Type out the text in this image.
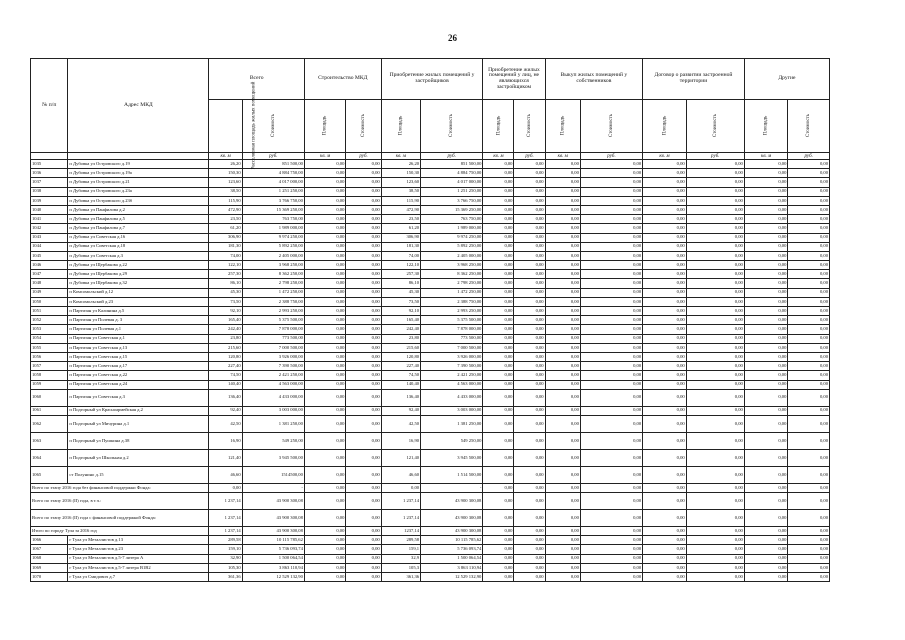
26
№ п/п	Адрес МКД	Всего		Строительство МКД		Приобретение жилых помещений у застройщиков		Приобретение жилых помещений у лиц, не являющихся застройщиком		Выкуп жилых помещений у собственников		Договор о развитии застроенной территории		Другие	
		Расселяемая площадь жилых помещений	Стоимость	Площадь	Стоимость	Площадь	Стоимость	Площадь	Стоимость	Площадь	Стоимость	Площадь	Стоимость	Площадь	Стоимость
		кв. м	руб.	кв. м	руб.	кв. м	руб.	кв. м	руб.	кв. м	руб.	кв. м	руб.	кв. м	руб.
1035	п Дубовка ул Островского д.19	26,20	851 500,00	0,00	0,00	26,20	851 500,00	0,00	0,00	0,00	0,00	0,00	0,00	0,00	0,00
1036	п Дубовка ул Островского д.19а	150,30	4 884 750,00	0,00	0,00	150,30	4 884 750,00	0,00	0,00	0,00	0,00	0,00	0,00	0,00	0,00
1037	п Дубовка ул Островского д.21	123,60	4 017 000,00	0,00	0,00	123,60	4 017 000,00	0,00	0,00	0,00	0,00	0,00	0,00	0,00	0,00
1038	п Дубовка ул Островского д.23а	38,50	1 251 250,00	0,00	0,00	38,50	1 251 250,00	0,00	0,00	0,00	0,00	0,00	0,00	0,00	0,00
1039	п Дубовка ул Островского д.23б	115,90	3 766 750,00	0,00	0,00	115,90	3 766 750,00	0,00	0,00	0,00	0,00	0,00	0,00	0,00	0,00
1040	п Дубовка ул Панфилова д.2	472,90	15 369 250,00	0,00	0,00	472,90	15 369 250,00	0,00	0,00	0,00	0,00	0,00	0,00	0,00	0,00
1041	п Дубовка ул Панфилова д.5	23,50	763 750,00	0,00	0,00	23,50	763 750,00	0,00	0,00	0,00	0,00	0,00	0,00	0,00	0,00
1042	п Дубовка ул Панфилова д.7	61,20	1 989 000,00	0,00	0,00	61,20	1 989 000,00	0,00	0,00	0,00	0,00	0,00	0,00	0,00	0,00
1043	п Дубовка ул Советская д.16	306,90	9 974 250,00	0,00	0,00	306,90	9 974 250,00	0,00	0,00	0,00	0,00	0,00	0,00	0,00	0,00
1044	п Дубовка ул Советская д.18	181,30	5 892 250,00	0,00	0,00	181,30	5 892 250,00	0,00	0,00	0,00	0,00	0,00	0,00	0,00	0,00
1045	п Дубовка ул Советская д.3	74,00	2 405 000,00	0,00	0,00	74,00	2 405 000,00	0,00	0,00	0,00	0,00	0,00	0,00	0,00	0,00
1046	п Дубовка ул Щербакова д.22	122,10	3 968 250,00	0,00	0,00	122,10	3 968 250,00	0,00	0,00	0,00	0,00	0,00	0,00	0,00	0,00
1047	п Дубовка ул Щербакова д.29	257,30	8 362 250,00	0,00	0,00	257,30	8 362 250,00	0,00	0,00	0,00	0,00	0,00	0,00	0,00	0,00
1048	п Дубовка ул Щербакова д.32	86,10	2 798 250,00	0,00	0,00	86,10	2 798 250,00	0,00	0,00	0,00	0,00	0,00	0,00	0,00	0,00
1049	п Комсомольский д.12	45,30	1 472 250,00	0,00	0,00	45,30	1 472 250,00	0,00	0,00	0,00	0,00	0,00	0,00	0,00	0,00
1050	п Комсомольский д.23	73,50	2 388 750,00	0,00	0,00	73,50	2 388 750,00	0,00	0,00	0,00	0,00	0,00	0,00	0,00	0,00
1051	п Партизан ул Калинина д.5	92,10	2 993 250,00	0,00	0,00	92,10	2 993 250,00	0,00	0,00	0,00	0,00	0,00	0,00	0,00	0,00
1052	п Партизан ул Полевая д. 3	165,40	5 375 500,00	0,00	0,00	165,40	5 375 500,00	0,00	0,00	0,00	0,00	0,00	0,00	0,00	0,00
1053	п Партизан ул Полевая д.1	242,40	7 878 000,00	0,00	0,00	242,40	7 878 000,00	0,00	0,00	0,00	0,00	0,00	0,00	0,00	0,00
1054	п Партизан ул Советская д.1	23,80	773 500,00	0,00	0,00	23,80	773 500,00	0,00	0,00	0,00	0,00	0,00	0,00	0,00	0,00
1055	п Партизан ул Советская д.13	215,60	7 000 500,00	0,00	0,00	215,60	7 000 500,00	0,00	0,00	0,00	0,00	0,00	0,00	0,00	0,00
1056	п Партизан ул Советская д.15	120,80	3 926 000,00	0,00	0,00	120,80	3 926 000,00	0,00	0,00	0,00	0,00	0,00	0,00	0,00	0,00
1057	п Партизан ул Советская д.17	227,40	7 390 500,00	0,00	0,00	227,40	7 390 500,00	0,00	0,00	0,00	0,00	0,00	0,00	0,00	0,00
1058	п Партизан ул Советская д.22	74,50	2 421 250,00	0,00	0,00	74,50	2 421 250,00	0,00	0,00	0,00	0,00	0,00	0,00	0,00	0,00
1059	п Партизан ул Советская д.24	140,40	4 563 000,00	0,00	0,00	140,40	4 563 000,00	0,00	0,00	0,00	0,00	0,00	0,00	0,00	0,00
1060	п Партизан ул Советская д.3	136,40	4 433 000,00	0,00	0,00	136,40	4 433 000,00	0,00	0,00	0,00	0,00	0,00	0,00	0,00	0,00
1061	п Подгорный ул Красноармейская д.2	92,40	3 003 000,00	0,00	0,00	92,40	3 003 000,00	0,00	0,00	0,00	0,00	0,00	0,00	0,00	0,00
1062	п Подгорный ул Мичурина д.1	42,50	1 381 250,00	0,00	0,00	42,50	1 381 250,00	0,00	0,00	0,00	0,00	0,00	0,00	0,00	0,00
1063	п Подгорный ул Пушкина д.38	16,90	549 250,00	0,00	0,00	16,90	549 250,00	0,00	0,00	0,00	0,00	0,00	0,00	0,00	0,00
1064	п Подгорный ул Школьная д.2	121,40	3 945 500,00	0,00	0,00	121,40	3 945 500,00	0,00	0,00	0,00	0,00	0,00	0,00	0,00	0,00
1065	ст Полунино д.15	46,60	1514500,00	0,00	0,00	46,60	1 514 500,00	0,00	0,00	0,00	0,00	0,00	0,00	0,00	0,00
Всего по этапу 2016 года без финансовой поддержки Фонда:		0,00	-	0,00	0,00	0,00	-	0,00	0,00	0,00	0,00	0,00	0,00	0,00	0,00
Всего по этапу 2016 (II) года, в т.ч.:		1 237,14	43 900 300,08	0,00	0,00	1 237,14	43 900 300,08	0,00	0,00	0,00	0,00	0,00	0,00	0,00	0,00
Всего по этапу 2016 (II) года с финансовой поддержкой Фонда:		1 237,14	43 900 300,08	0,00	0,00	1 237,14	43 900 300,08	0,00	0,00	0,00	0,00	0,00	0,00	0,00	0,00
Итого по городу Тула за 2016 год		1 237,14	43 900 300,08	0,00	0,00	1237,14	43 900 300,08	0,00	0,00	0,00	0,00	0,00	0,00	0,00	0,00
1066	г Тула ул Металлистов д.13	289,58	10 115 785,62	0,00	0,00	289,58	10 115 785,62	0,00	0,00	0,00	0,00	0,00	0,00	0,00	0,00
1067	г Тула ул Металлистов д.23	159,10	5 736 093,74	0,00	0,00	159,1	5 736 093,74	0,00	0,00	0,00	0,00	0,00	0,00	0,00	0,00
1068	г Тула ул Металлистов д.5-7 литера А	32,90	1 500 064,54	0,00	0,00	32,9	1 500 064,54	0,00	0,00	0,00	0,00	0,00	0,00	0,00	0,00
1069	г Тула ул Металлистов д.5-7 литера В1В2	105,30	3 863 110,94	0,00	0,00	105,3	3 863 110,94	0,00	0,00	0,00	0,00	0,00	0,00	0,00	0,00
1070	г Тула ул Смидович д.7	361,36	12 529 132,90	0,00	0,00	361,36	12 529 132,90	0,00	0,00	0,00	0,00	0,00	0,00	0,00	0,00
